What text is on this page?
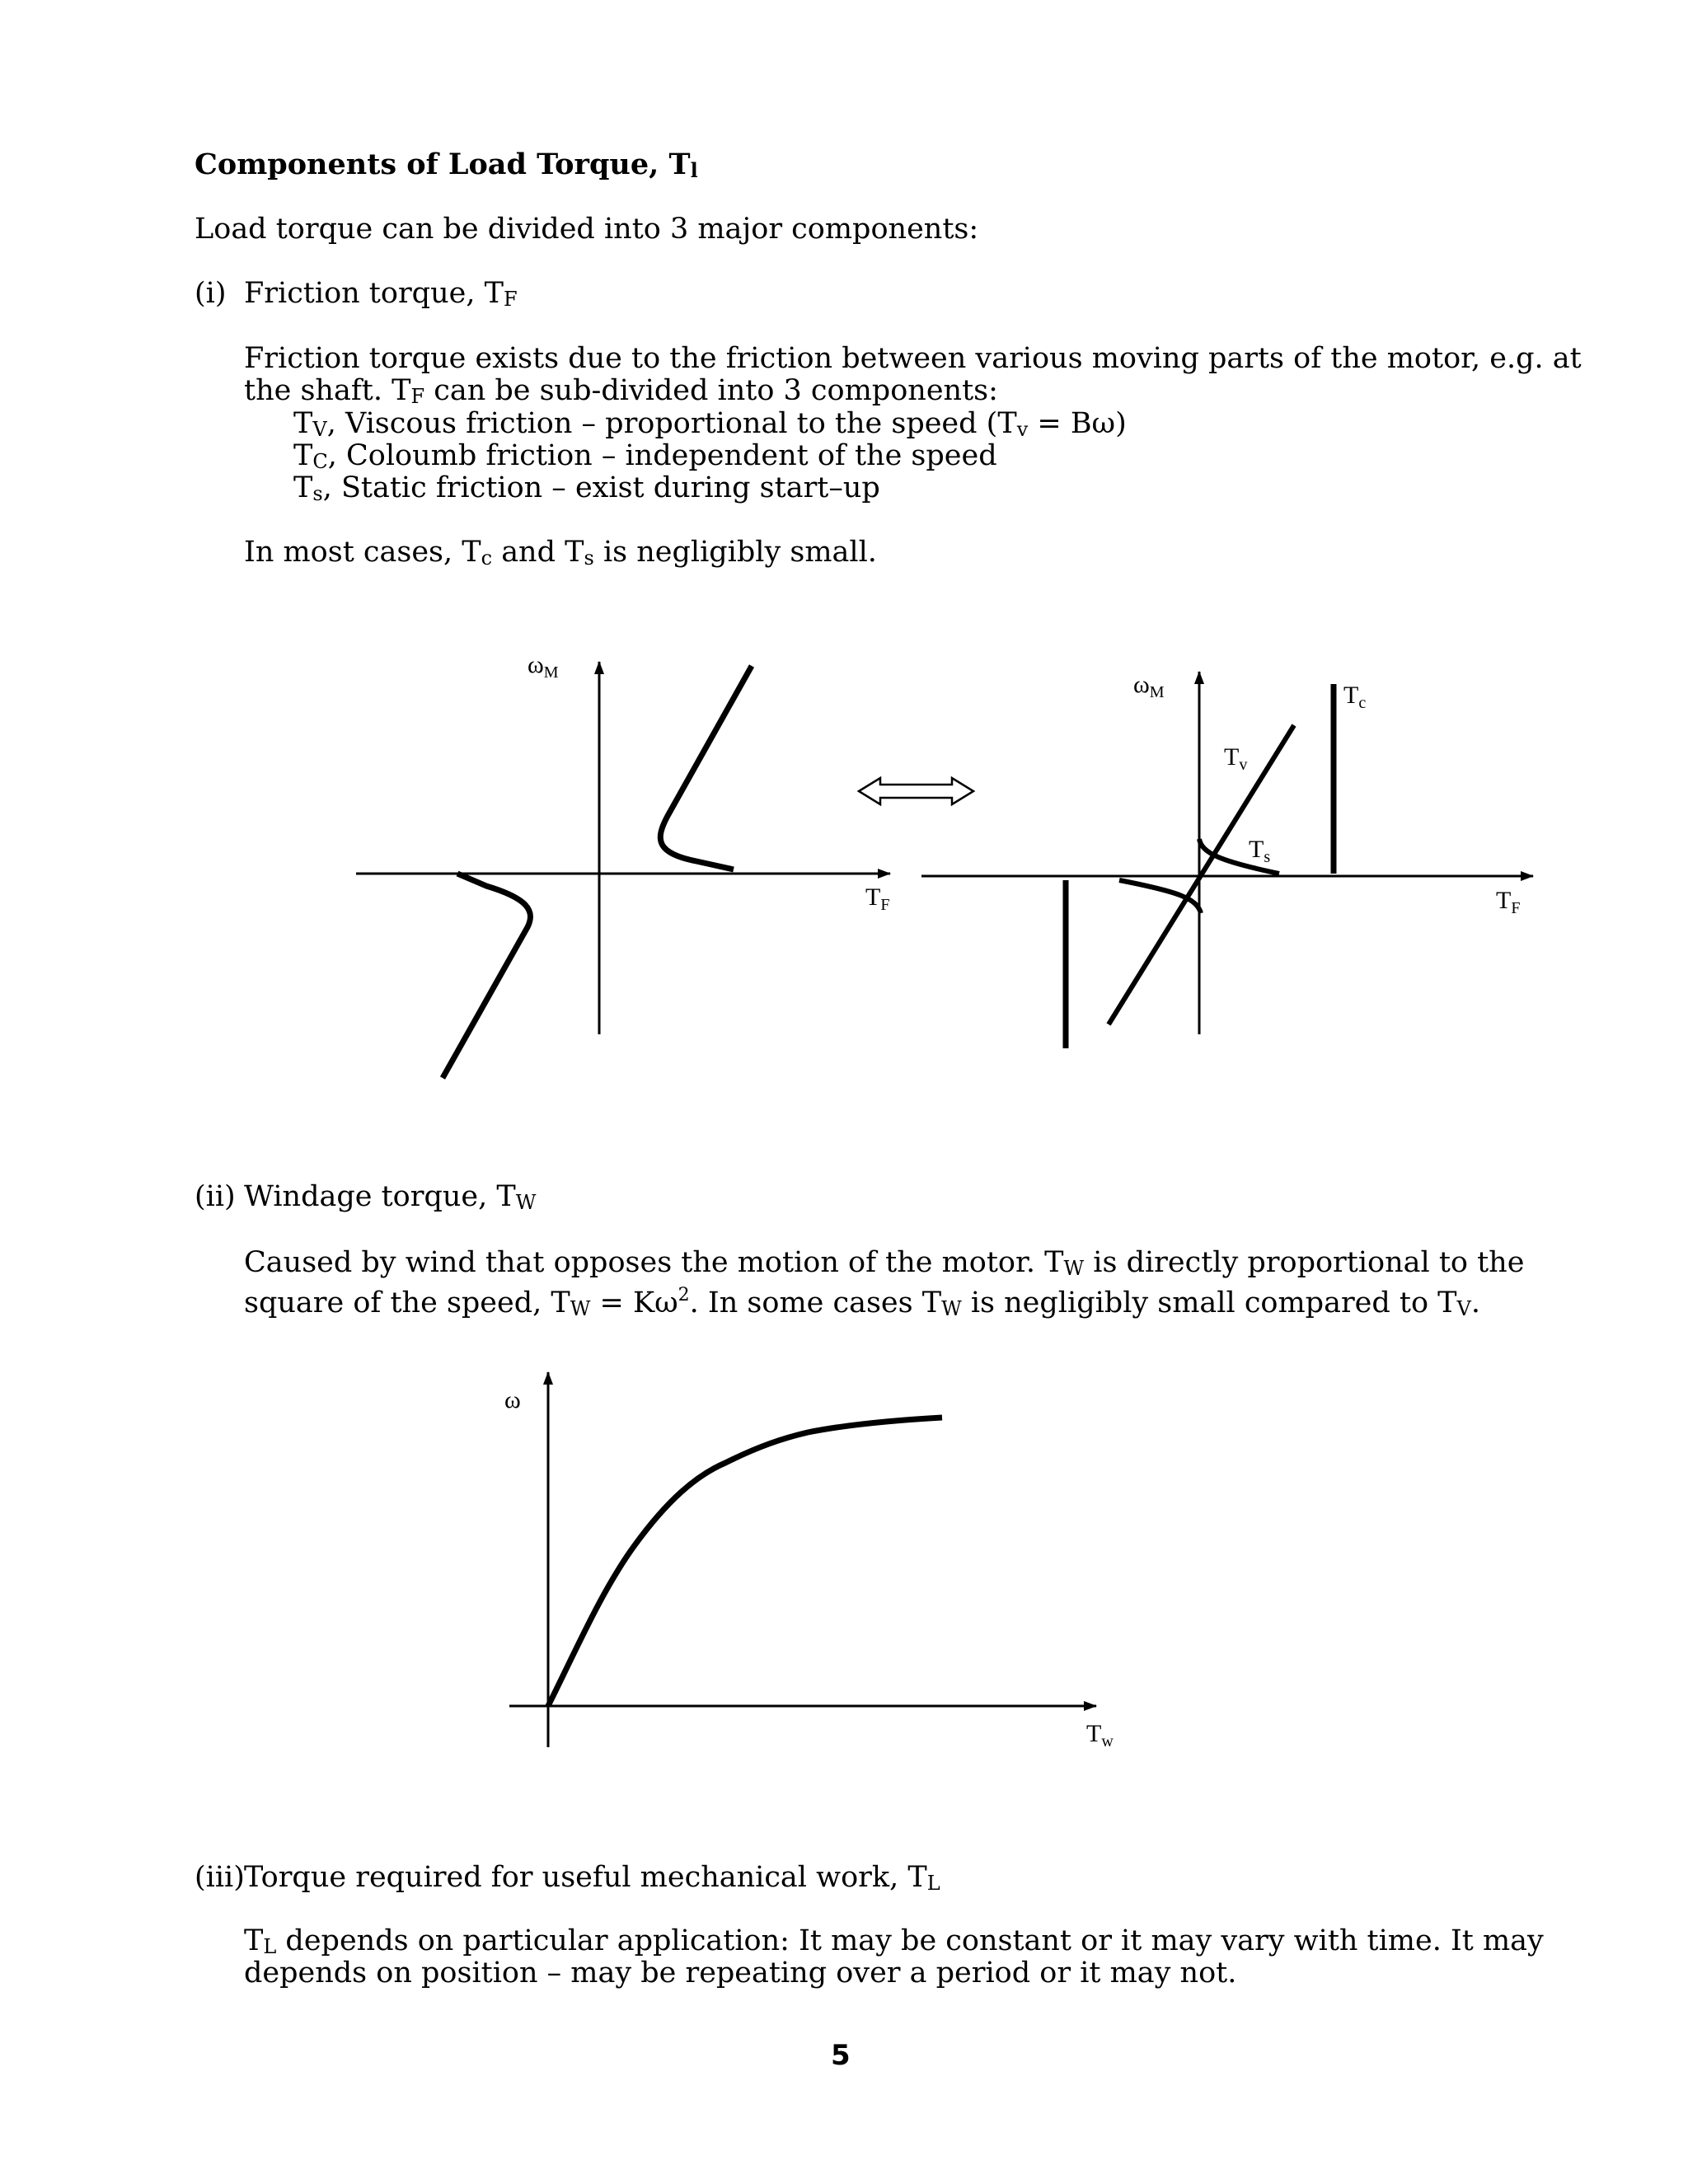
Components of Load Torque, Tl
Load torque can be divided into 3 major components:
(i) Friction torque, TF
Friction torque exists due to the friction between various moving parts of the motor, e.g. at
the shaft. TF can be sub-divided into 3 components:
TV, Viscous friction – proportional to the speed (Tv = Bω)
TC, Coloumb friction – independent of the speed
Ts, Static friction – exist during start–up
In most cases, Tc and Ts is negligibly small.
$\omega_M$
$T_F$
$\omega_M$
$T_F$
$T_v$
$T_s$
$T_c$
ω
$T_w$
(ii) Windage torque, TW
Caused by wind that opposes the motion of the motor. TW is directly proportional to the
square of the speed, TW = $K\omega^2$. In some cases TW is negligibly small compared to TV.
(iii) Torque required for useful mechanical work, TL
TL depends on particular application: It may be constant or it may vary with time. It may
depends on position – may be repeating over a period or it may not.
5
